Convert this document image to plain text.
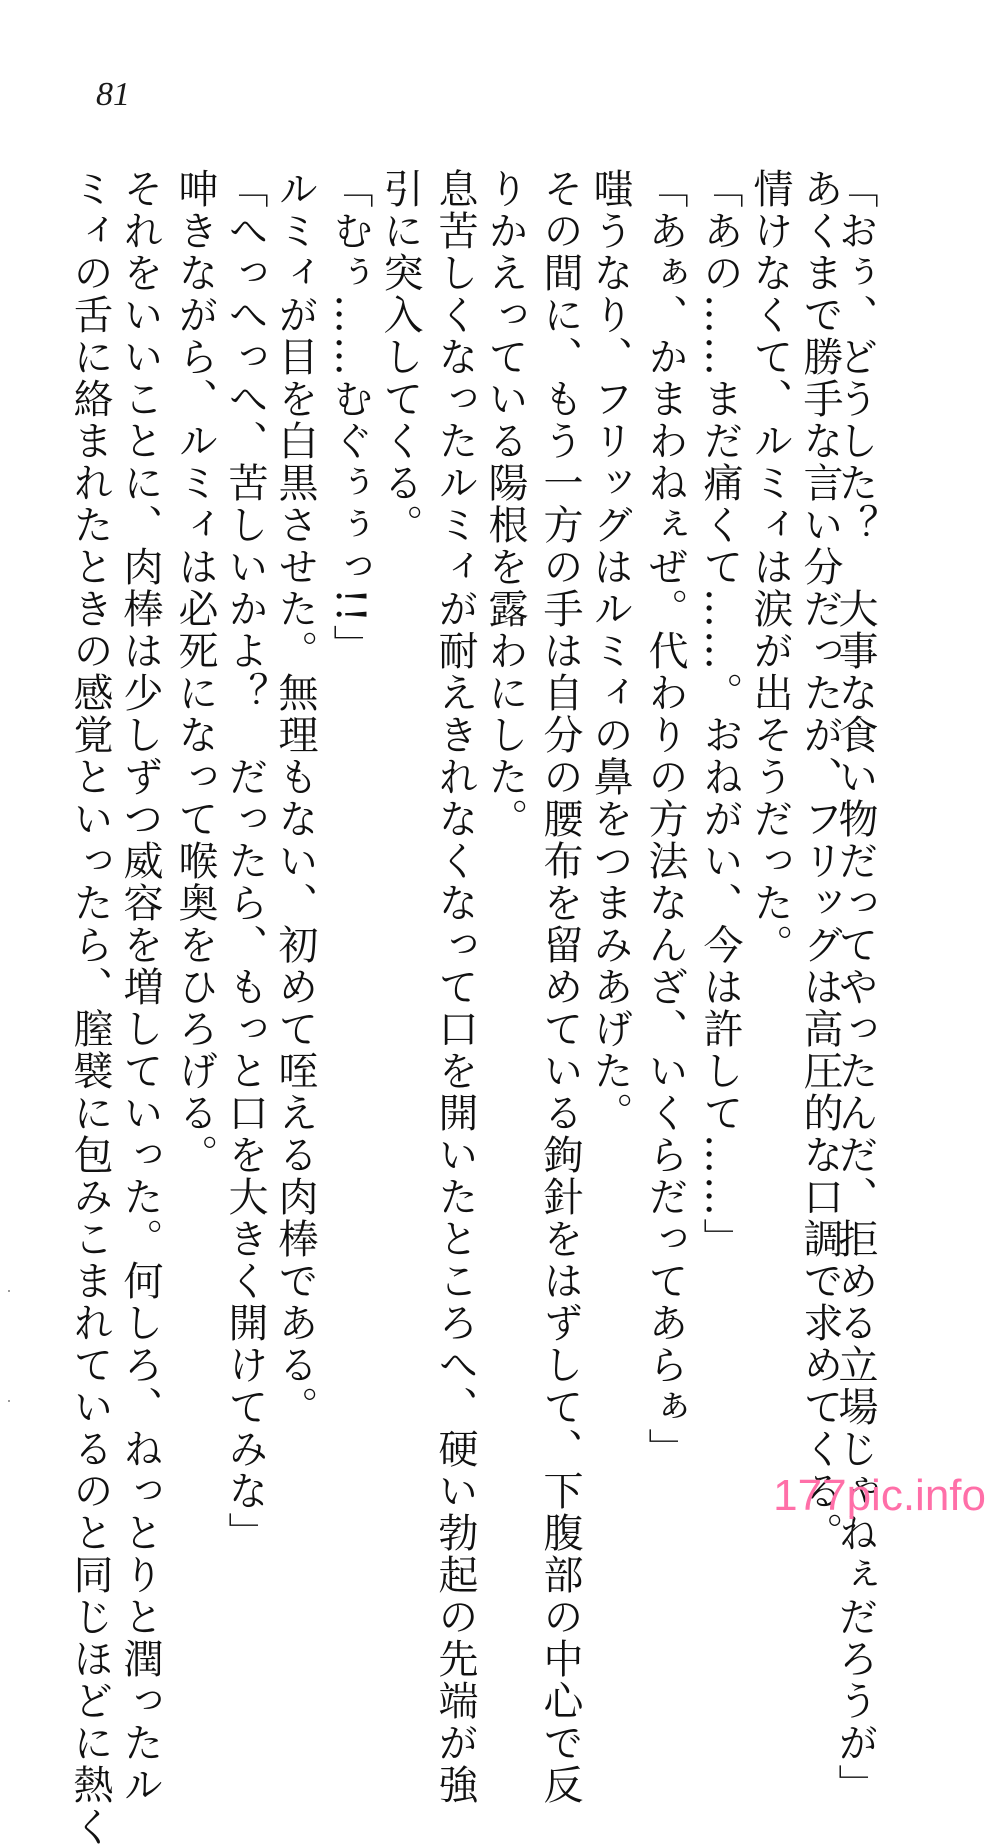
81
「おぅ、どうした？　大事な食い物だってやったんだ、拒める立場じゃねぇだろうが」
あくまで勝手な言い分だったが、フリッグは高圧的な口調で求めてくる。
情けなくて、ルミィは涙が出そうだった。
「あの……まだ痛くて……。おねがい、今は許して……」
「あぁ、かまわねぇぜ。代わりの方法なんざ、いくらだってあらぁ」
嗤うなり、フリッグはルミィの鼻をつまみあげた。
その間に、もう一方の手は自分の腰布を留めている鉤針をはずして、下腹部の中心で反
りかえっている陽根を露わにした。
息苦しくなったルミィが耐えきれなくなって口を開いたところへ、硬い勃起の先端が強
引に突入してくる。
「むぅ……むぐぅぅっ!!」
ルミィが目を白黒させた。無理もない、初めて咥える肉棒である。
「へっへっへ、苦しいかよ？　だったら、もっと口を大きく開けてみな」
呻きながら、ルミィは必死になって喉奥をひろげる。
それをいいことに、肉棒は少しずつ威容を増していった。何しろ、ねっとりと潤ったル
ミィの舌に絡まれたときの感覚といったら、膣襞に包みこまれているのと同じほどに熱く	177pic.info
